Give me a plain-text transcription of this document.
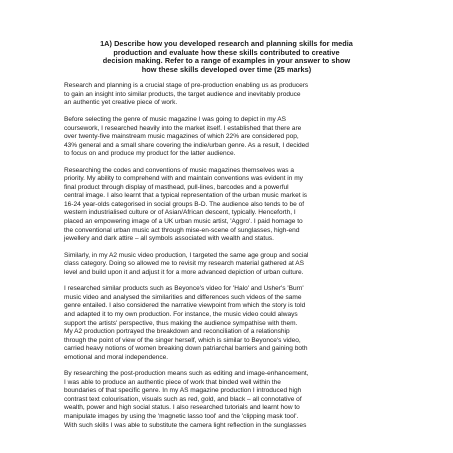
1A) Describe how you developed research and planning skills for media
production and evaluate how these skills contributed to creative
decision making. Refer to a range of examples in your answer to show
how these skills developed over time (25 marks)
Research and planning is a crucial stage of pre-production enabling us as producers
to gain an insight into similar products, the target audience and inevitably produce
an authentic yet creative piece of work.
Before selecting the genre of music magazine I was going to depict in my AS
coursework, I researched heavily into the market itself. I established that there are
over twenty-five mainstream music magazines of which 22% are considered pop,
43% general and a small share covering the indie/urban genre. As a result, I decided
to focus on and produce my product for the latter audience.
Researching the codes and conventions of music magazines themselves was a
priority. My ability to comprehend with and maintain conventions was evident in my
final product through display of masthead, pull-lines, barcodes and a powerful
central image. I also learnt that a typical representation of the urban music market is
16-24 year-olds categorised in social groups B-D. The audience also tends to be of
western industrialised culture or of Asian/African descent, typically. Henceforth, I
placed an empowering image of a UK urban music artist, 'Aggro'. I paid homage to
the conventional urban music act through mise-en-scene of sunglasses, high-end
jewellery and dark attire – all symbols associated with wealth and status.
Similarly, in my A2 music video production, I targeted the same age group and social
class category. Doing so allowed me to revisit my research material gathered at AS
level and build upon it and adjust it for a more advanced depiction of urban culture.
I researched similar products such as Beyonce's video for 'Halo' and Usher's 'Burn'
music video and analysed the similarities and differences such videos of the same
genre entailed. I also considered the narrative viewpoint from which the story is told
and adapted it to my own production. For instance, the music video could always
support the artists' perspective, thus making the audience sympathise with them.
My A2 production portrayed the breakdown and reconciliation of a relationship
through the point of view of the singer herself, which is similar to Beyonce's video,
carried heavy notions of women breaking down patriarchal barriers and gaining both
emotional and moral independence.
By researching the post-production means such as editing and image-enhancement,
I was able to produce an authentic piece of work that binded well within the
boundaries of that specific genre. In my AS magazine production I introduced high
contrast text colourisation, visuals such as red, gold, and black – all connotative of
wealth, power and high social status. I also researched tutorials and learnt how to
manipulate images by using the 'magnetic lasso tool' and the 'clipping mask tool'.
With such skills I was able to substitute the camera light reflection in the sunglasses
